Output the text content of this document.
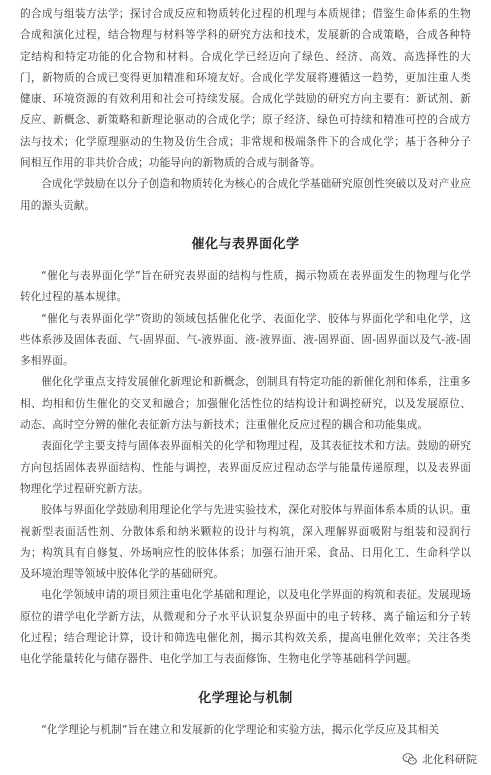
的合成与组装方法学；探讨合成反应和物质转化过程的机理与本质规律；借鉴生命体系的生物合成和演化过程，结合物理与材料等学科的研究方法和技术，发展新的合成策略，合成各种特定结构和特定功能的化合物和材料。合成化学已经迈向了绿色、经济、高效、高选择性的大门，新物质的合成已变得更加精准和环境友好。合成化学发展将遵循这一趋势，更加注重人类健康、环境资源的有效利用和社会可持续发展。合成化学鼓励的研究方向主要有：新试剂、新反应、新概念、新策略和新理论驱动的合成化学；原子经济、绿色可持续和精准可控的合成方法与技术；化学原理驱动的生物及仿生合成；非常规和极端条件下的合成化学；基于各种分子间相互作用的非共价合成；功能导向的新物质的合成与制备等。

合成化学鼓励在以分子创造和物质转化为核心的合成化学基础研究原创性突破以及对产业应用的源头贡献。

催化与表界面化学

“催化与表界面化学”旨在研究表界面的结构与性质，揭示物质在表界面发生的物理与化学转化过程的基本规律。

“催化与表界面化学”资助的领域包括催化化学、表面化学、胶体与界面化学和电化学，这些体系涉及固体表面、气-固界面、气-液界面、液-液界面、液-固界面、固-固界面以及气-液-固多相界面。

催化化学重点支持发展催化新理论和新概念，创制具有特定功能的新催化剂和体系，注重多相、均相和仿生催化的交叉和融合；加强催化活性位的结构设计和调控研究，以及发展原位、动态、高时空分辨的催化表征新方法与新技术；注重催化反应过程的耦合和功能集成。

表面化学主要支持与固体表界面相关的化学和物理过程，及其表征技术和方法。鼓励的研究方向包括固体表界面结构、性能与调控，表界面反应过程动态学与能量传递原理，以及表界面物理化学过程研究新方法。

胶体与界面化学鼓励利用理论化学与先进实验技术，深化对胶体与界面体系本质的认识。重视新型表面活性剂、分散体系和纳米颗粒的设计与构筑，深入理解界面吸附与组装和浸润行为；构筑具有自修复、外场响应性的胶体体系；加强石油开采、食品、日用化工、生命科学以及环境治理等领域中胶体化学的基础研究。

电化学领域申请的项目须注重电化学基础和理论，以及电化学界面的构筑和表征。发展现场原位的谱学电化学新方法，从微观和分子水平认识复杂界面中的电子转移、离子输运和分子转化过程；结合理论计算，设计和筛选电催化剂，揭示其构效关系，提高电催化效率；关注各类电化学能量转化与储存器件、电化学加工与表面修饰、生物电化学等基础科学问题。

化学理论与机制

“化学理论与机制”旨在建立和发展新的化学理论和实验方法，揭示化学反应及其相关

北化科研院
